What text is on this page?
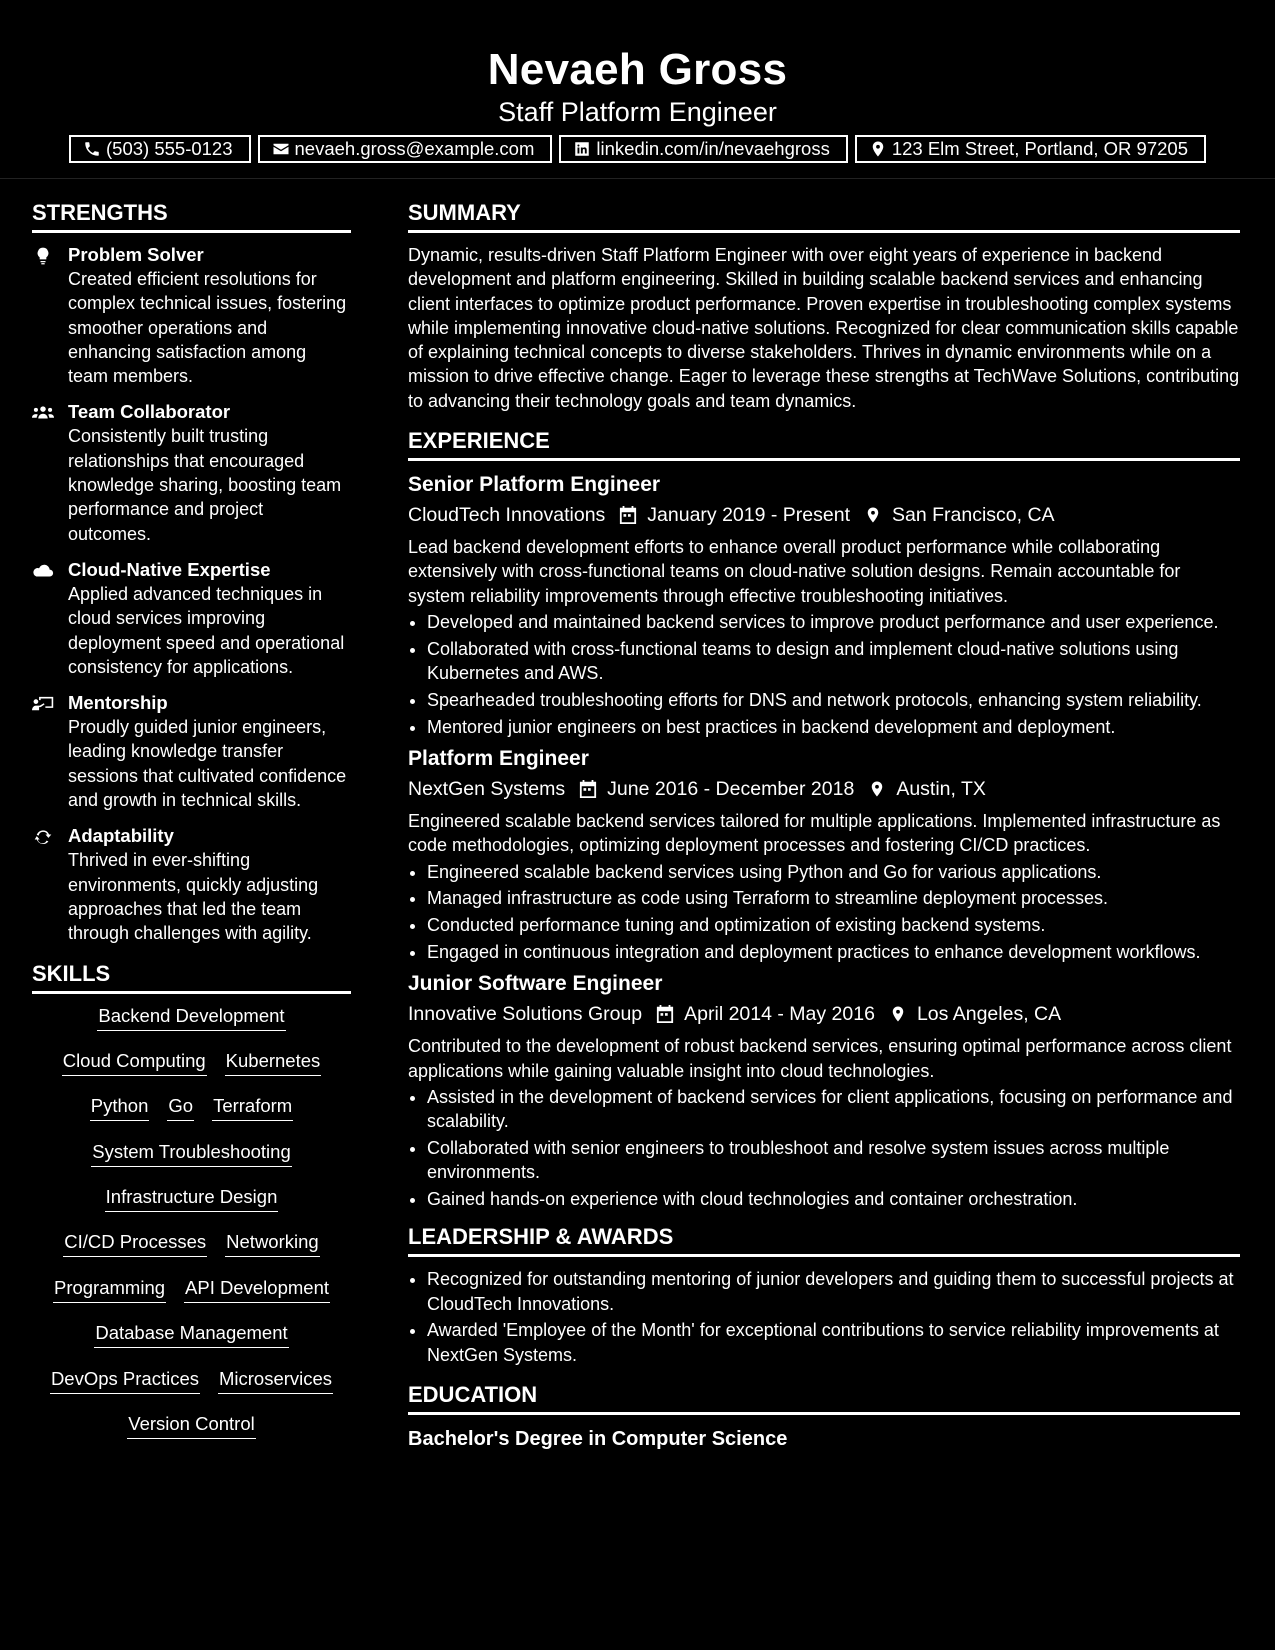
Nevaeh Gross
Staff Platform Engineer
(503) 555-0123	nevaeh.gross@example.com	linkedin.com/in/nevaehgross	123 Elm Street, Portland, OR 97205
STRENGTHS
Problem Solver
Created efficient resolutions for complex technical issues, fostering smoother operations and enhancing satisfaction among team members.
Team Collaborator
Consistently built trusting relationships that encouraged knowledge sharing, boosting team performance and project outcomes.
Cloud-Native Expertise
Applied advanced techniques in cloud services improving deployment speed and operational consistency for applications.
Mentorship
Proudly guided junior engineers, leading knowledge transfer sessions that cultivated confidence and growth in technical skills.
Adaptability
Thrived in ever-shifting environments, quickly adjusting approaches that led the team through challenges with agility.
SKILLS
Backend Development
Cloud Computing Kubernetes
Python Go Terraform
System Troubleshooting
Infrastructure Design
CI/CD Processes Networking
Programming API Development
Database Management
DevOps Practices Microservices
Version Control
SUMMARY
Dynamic, results-driven Staff Platform Engineer with over eight years of experience in backend development and platform engineering. Skilled in building scalable backend services and enhancing client interfaces to optimize product performance. Proven expertise in troubleshooting complex systems while implementing innovative cloud-native solutions. Recognized for clear communication skills capable of explaining technical concepts to diverse stakeholders. Thrives in dynamic environments while on a mission to drive effective change. Eager to leverage these strengths at TechWave Solutions, contributing to advancing their technology goals and team dynamics.
EXPERIENCE
Senior Platform Engineer
CloudTech Innovations January 2019 - Present San Francisco, CA
Lead backend development efforts to enhance overall product performance while collaborating extensively with cross-functional teams on cloud-native solution designs. Remain accountable for system reliability improvements through effective troubleshooting initiatives.
• Developed and maintained backend services to improve product performance and user experience.
• Collaborated with cross-functional teams to design and implement cloud-native solutions using Kubernetes and AWS.
• Spearheaded troubleshooting efforts for DNS and network protocols, enhancing system reliability.
• Mentored junior engineers on best practices in backend development and deployment.
Platform Engineer
NextGen Systems June 2016 - December 2018 Austin, TX
Engineered scalable backend services tailored for multiple applications. Implemented infrastructure as code methodologies, optimizing deployment processes and fostering CI/CD practices.
• Engineered scalable backend services using Python and Go for various applications.
• Managed infrastructure as code using Terraform to streamline deployment processes.
• Conducted performance tuning and optimization of existing backend systems.
• Engaged in continuous integration and deployment practices to enhance development workflows.
Junior Software Engineer
Innovative Solutions Group April 2014 - May 2016 Los Angeles, CA
Contributed to the development of robust backend services, ensuring optimal performance across client applications while gaining valuable insight into cloud technologies.
• Assisted in the development of backend services for client applications, focusing on performance and scalability.
• Collaborated with senior engineers to troubleshoot and resolve system issues across multiple environments.
• Gained hands-on experience with cloud technologies and container orchestration.
LEADERSHIP & AWARDS
• Recognized for outstanding mentoring of junior developers and guiding them to successful projects at CloudTech Innovations.
• Awarded 'Employee of the Month' for exceptional contributions to service reliability improvements at NextGen Systems.
EDUCATION
Bachelor's Degree in Computer Science
